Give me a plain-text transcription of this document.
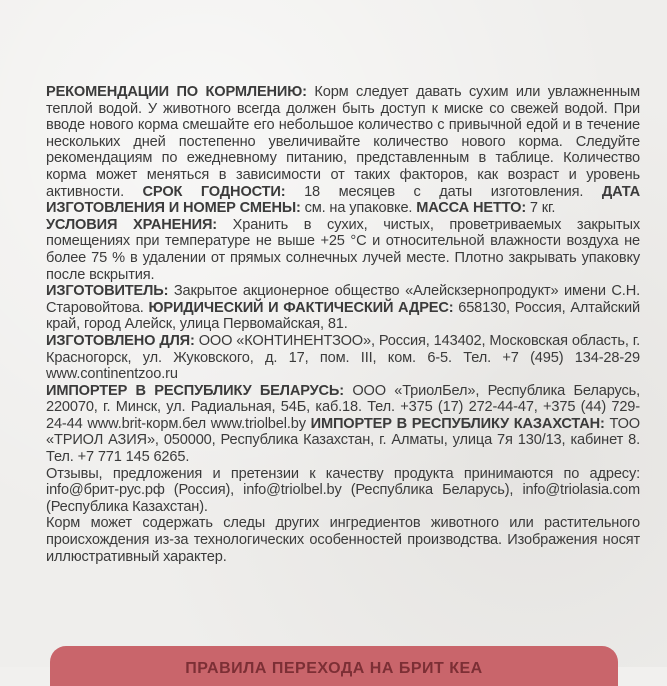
РЕКОМЕНДАЦИИ ПО КОРМЛЕНИЮ: Корм следует давать сухим или увлажненным теплой водой. У животного всегда должен быть доступ к миске со свежей водой. При вводе нового корма смешайте его небольшое количество с привычной едой и в течение нескольких дней постепенно увеличивайте количество нового корма. Следуйте рекомендациям по ежедневному питанию, представленным в таблице. Количество корма может меняться в зависимости от таких факторов, как возраст и уровень активности. СРОК ГОДНОСТИ: 18 месяцев с даты изготовления. ДАТА ИЗГОТОВЛЕНИЯ И НОМЕР СМЕНЫ: см. на упаковке. МАССА НЕТТО: 7 кг.

УСЛОВИЯ ХРАНЕНИЯ: Хранить в сухих, чистых, проветриваемых закрытых помещениях при температуре не выше +25 °С и относительной влажности воздуха не более 75 % в удалении от прямых солнечных лучей месте. Плотно закрывать упаковку после вскрытия.

ИЗГОТОВИТЕЛЬ: Закрытое акционерное общество «Алейскзернопродукт» имени С.Н. Старовойтова. ЮРИДИЧЕСКИЙ И ФАКТИЧЕСКИЙ АДРЕС: 658130, Россия, Алтайский край, город Алейск, улица Первомайская, 81.

ИЗГОТОВЛЕНО ДЛЯ: ООО «КОНТИНЕНТЗОО», Россия, 143402, Московская область, г. Красногорск, ул. Жуковского, д. 17, пом. III, ком. 6-5. Тел. +7 (495) 134-28-29 www.continentzoo.ru

ИМПОРТЕР В РЕСПУБЛИКУ БЕЛАРУСЬ: ООО «ТриолБел», Республика Беларусь, 220070, г. Минск, ул. Радиальная, 54Б, каб.18. Тел. +375 (17) 272-44-47, +375 (44) 729-24-44 www.brit-корм.бел www.triolbel.by ИМПОРТЕР В РЕСПУБЛИКУ КАЗАХСТАН: ТОО «ТРИОЛ АЗИЯ», 050000, Республика Казахстан, г. Алматы, улица 7я 130/13, кабинет 8. Тел. +7 771 145 6265.

Отзывы, предложения и претензии к качеству продукта принимаются по адресу: info@брит-рус.рф (Россия), info@triolbel.by (Республика Беларусь), info@triolasia.com (Республика Казахстан).

Корм может содержать следы других ингредиентов животного или растительного происхождения из-за технологических особенностей производства. Изображения носят иллюстративный характер.

ПРАВИЛА ПЕРЕХОДА НА БРИТ КЕА
